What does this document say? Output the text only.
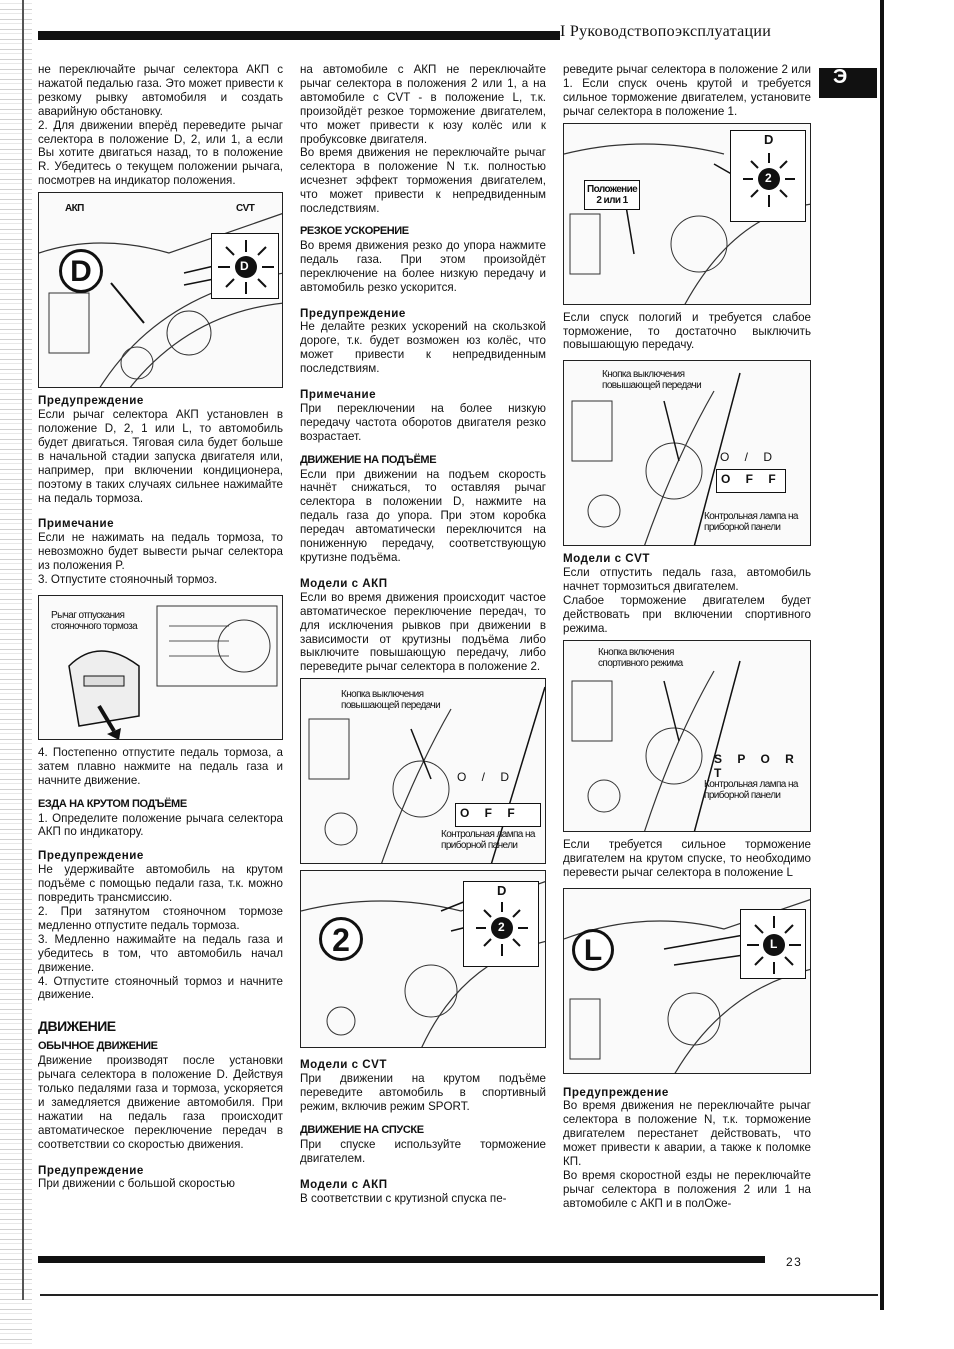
I Руководствопоэксплуатации
Э

не переключайте рычаг селектора АКП с нажатой педалью газа. Это может привести к резкому рывку автомобиля и создать аварийную обстановку.

2. Для движении вперёд переведите рычаг селектора в положение D, 2, или 1, а если Вы хотите двигаться назад, то в положение R. Убедитесь о текущем положении рычага, посмотрев на индикатор положения.

АКП	CVT
D	D
Предупреждение

Если рычаг селектора АКП установлен в положение D, 2, 1 или L, то автомобиль будет двигаться. Тяговая сила будет больше в начальной стадии запуска двигателя или, например, при включении кондиционера, поэтому в таких случаях сильнее нажимайте на педаль тормоза.

Примечание

Если не нажимать на педаль тормоза, то невозможно будет вывести рычаг селектора из положения P.

3. Отпустите стояночный тормоз.

Рычаг отпускания стояночного тормоза

4. Постепенно отпустите педаль тормоза, а затем плавно нажмите на педаль газа и начните движение.

ЕЗДА НА КРУТОМ ПОДЪЁМЕ

1. Определите положение рычага селектора АКП по индикатору.

Предупреждение

Не удерживайте автомобиль на крутом подъёме с помощью педали газа, т.к. можно повредить трансмиссию.

2. При затянутом стояночном тормозе медленно отпустите педаль тормоза.

3. Медленно нажимайте на педаль газа и убедитесь в том, что автомобиль начал движение.

4. Отпустите стояночный тормоз и начните движение.

ДВИЖЕНИЕ
ОБЫЧНОЕ ДВИЖЕНИЕ

Движение производят после установки рычага селектора в положение D. Действуя только педалями газа и тормоза, ускоряется и замедляется движение автомобиля. При нажатии на педаль газа происходит автоматическое переключение передач в соответствии со скоростью движения.

Предупреждение

При движении с большой скоростью

на автомобиле с АКП не переключайте рычаг селектора в положения 2 или 1, а на автомобиле с CVT - в положение L, т.к. произойдёт резкое торможение двигателем, что может привести к юзу колёс или к пробуксовке двигателя.

Во время движения не переключайте рычаг селектора в положение N т.к. полностью исчезнет эффект торможения двигателем, что может привести к непредвиденным последствиям.

РЕЗКОЕ УСКОРЕНИЕ

Во время движения резко до упора нажмите педаль газа. При этом произойдёт переключение на более низкую передачу и автомобиль резко ускорится.

Предупреждение

Не делайте резких ускорений на скользкой дороге, т.к. будет возможен юз колёс, что может привести к непредвиденным последствиям.

Примечание

При переключении на более низкую передачу частота оборотов двигателя резко возрастает.

ДВИЖЕНИЕ НА ПОДЪЁМЕ

Если при движении на подъем скорость начнёт снижаться, то оставляя рычаг селектора в положении D, нажмите на педаль газа до упора. При этом коробка передач автоматически переключится на пониженную передачу, соответствующую крутизне подъёма.

Модели с АКП

Если во время движения происходит частое автоматическое переключение передач, то для исключения рывков при движении в зависимости от крутизны подъёма либо выключите повышающую передачу, либо переведите рычаг селектора в положение 2.

Кнопка выключения повышающей передачи
O / D
O F F
Контрольная лампа на приборной панели
2
D
2
Модели с CVT

При движении на крутом подъёме переведите автомобиль в спортивный режим, включив режим SPORT.

ДВИЖЕНИЕ НА СПУСКЕ

При спуске используйте торможение двигателем.

Модели с АКП

В соответствии с крутизной спуска пе-

реведите рычаг селектора в положение 2 или 1. Если спуск очень крутой и требуется сильное торможение двигателем, установите рычаг селектора в положение 1.

D
2
Положение 2 или 1

Если спуск пологий и требуется слабое торможение, то достаточно выключить повышающую передачу.

Кнопка выключения повышающей передачи
O / D
O F F
Контрольная лампа на приборной панели
Модели с CVT

Если отпустить педаль газа, автомобиль начнет тормозиться двигателем.

Слабое торможение двигателем будет действовать при включении спортивного режима.

Кнопка включения спортивного режима
S P O R T
Контрольная лампа на приборной панели

Если требуется сильное торможение двигателем на крутом спуске, то необходимо перевести рычаг селектора в положение L

L	L
Предупреждение

Во время движения не переключайте рычаг селектора в положение N, т.к. торможение двигателем перестанет действовать, что может привести к аварии, а также к поломке КП.

Во время скоростной езды не переключайте рычаг селектора в положения 2 или 1 на автомобиле с АКП и в полОже-

23
